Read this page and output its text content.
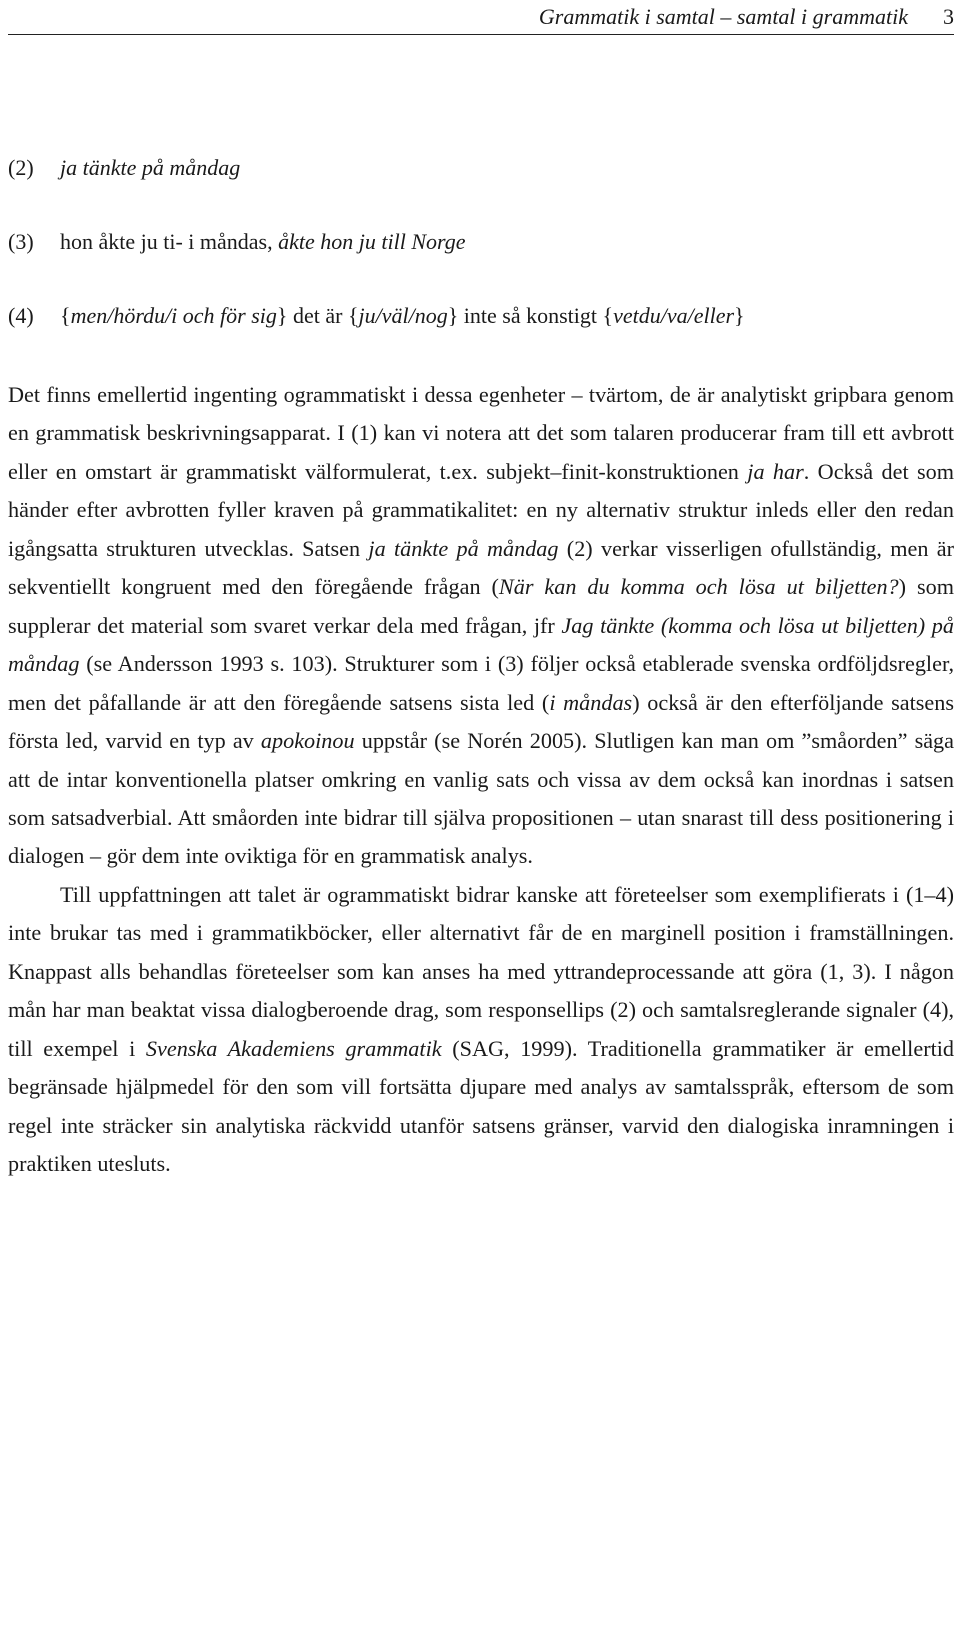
Grammatik i samtal – samtal i grammatik 3
(2) ja tänkte på måndag
(3) hon åkte ju ti- i måndas, åkte hon ju till Norge
(4) {men/hördu/i och för sig} det är {ju/väl/nog} inte så konstigt {vetdu/va/eller}

Det finns emellertid ingenting ogrammatiskt i dessa egenheter – tvärtom, de är analytiskt gripbara genom en grammatisk beskrivningsapparat. I (1) kan vi notera att det som talaren producerar fram till ett avbrott eller en omstart är grammatiskt välformulerat, t.ex. subjekt–finit-konstruktionen ja har. Också det som händer efter avbrotten fyller kraven på grammatikalitet: en ny alternativ struktur inleds eller den redan igångsatta strukturen utvecklas. Satsen ja tänkte på måndag (2) verkar visserligen ofullständig, men är sekventiellt kongruent med den föregående frågan (När kan du komma och lösa ut biljetten?) som supplerar det material som svaret verkar dela med frågan, jfr Jag tänkte (komma och lösa ut biljetten) på måndag (se Andersson 1993 s. 103). Strukturer som i (3) följer också etablerade svenska ordföljdsregler, men det påfallande är att den föregående satsens sista led (i måndas) också är den efterföljande satsens första led, varvid en typ av apokoinou uppstår (se Norén 2005). Slutligen kan man om ”småorden” säga att de intar konventionella platser omkring en vanlig sats och vissa av dem också kan inordnas i satsen som satsadverbial. Att småorden inte bidrar till själva propositionen – utan snarast till dess positionering i dialogen – gör dem inte oviktiga för en grammatisk analys.

Till uppfattningen att talet är ogrammatiskt bidrar kanske att företeelser som exemplifierats i (1–4) inte brukar tas med i grammatikböcker, eller alternativt får de en marginell position i framställningen. Knappast alls behandlas företeelser som kan anses ha med yttrandeprocessande att göra (1, 3). I någon mån har man beaktat vissa dialogberoende drag, som responsellips (2) och samtalsreglerande signaler (4), till exempel i Svenska Akademiens grammatik (SAG, 1999). Traditionella grammatiker är emellertid begränsade hjälpmedel för den som vill fortsätta djupare med analys av samtalsspråk, eftersom de som regel inte sträcker sin analytiska räckvidd utanför satsens gränser, varvid den dialogiska inramningen i praktiken utesluts.
